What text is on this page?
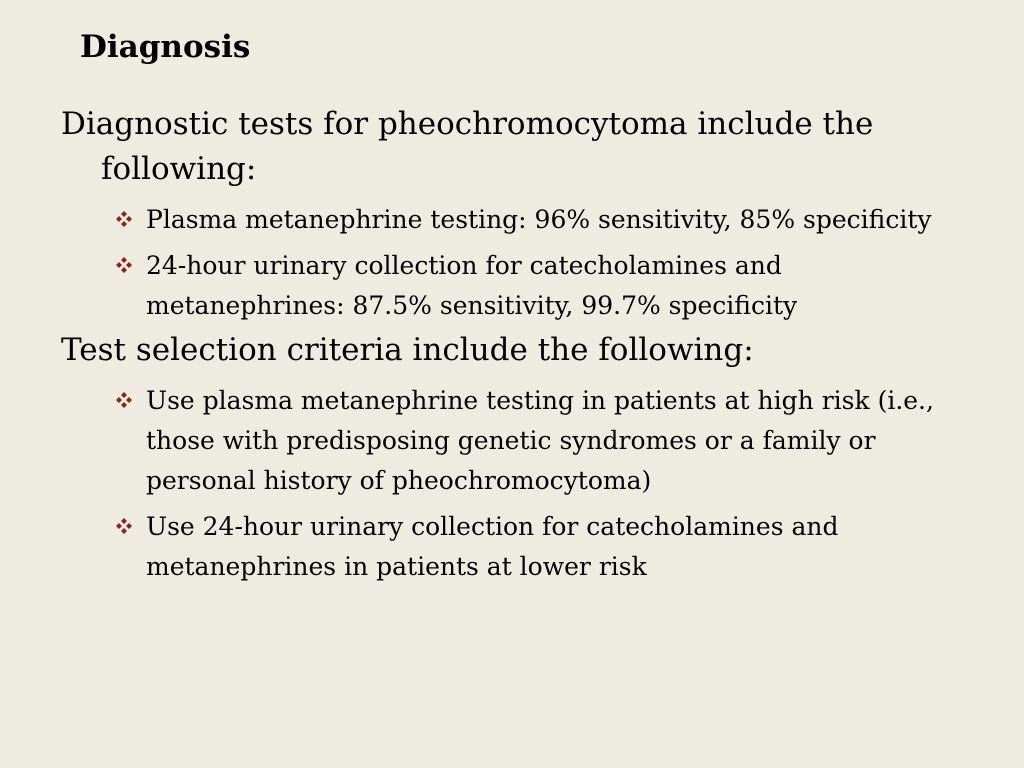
Diagnosis

Diagnostic tests for pheochromocytoma include the following:

Plasma metanephrine testing: 96% sensitivity, 85% specificity
24-hour urinary collection for catecholamines and metanephrines: 87.5% sensitivity, 99.7% specificity

Test selection criteria include the following:

Use plasma metanephrine testing in patients at high risk (i.e., those with predisposing genetic syndromes or a family or personal history of pheochromocytoma)
Use 24-hour urinary collection for catecholamines and metanephrines in patients at lower risk
